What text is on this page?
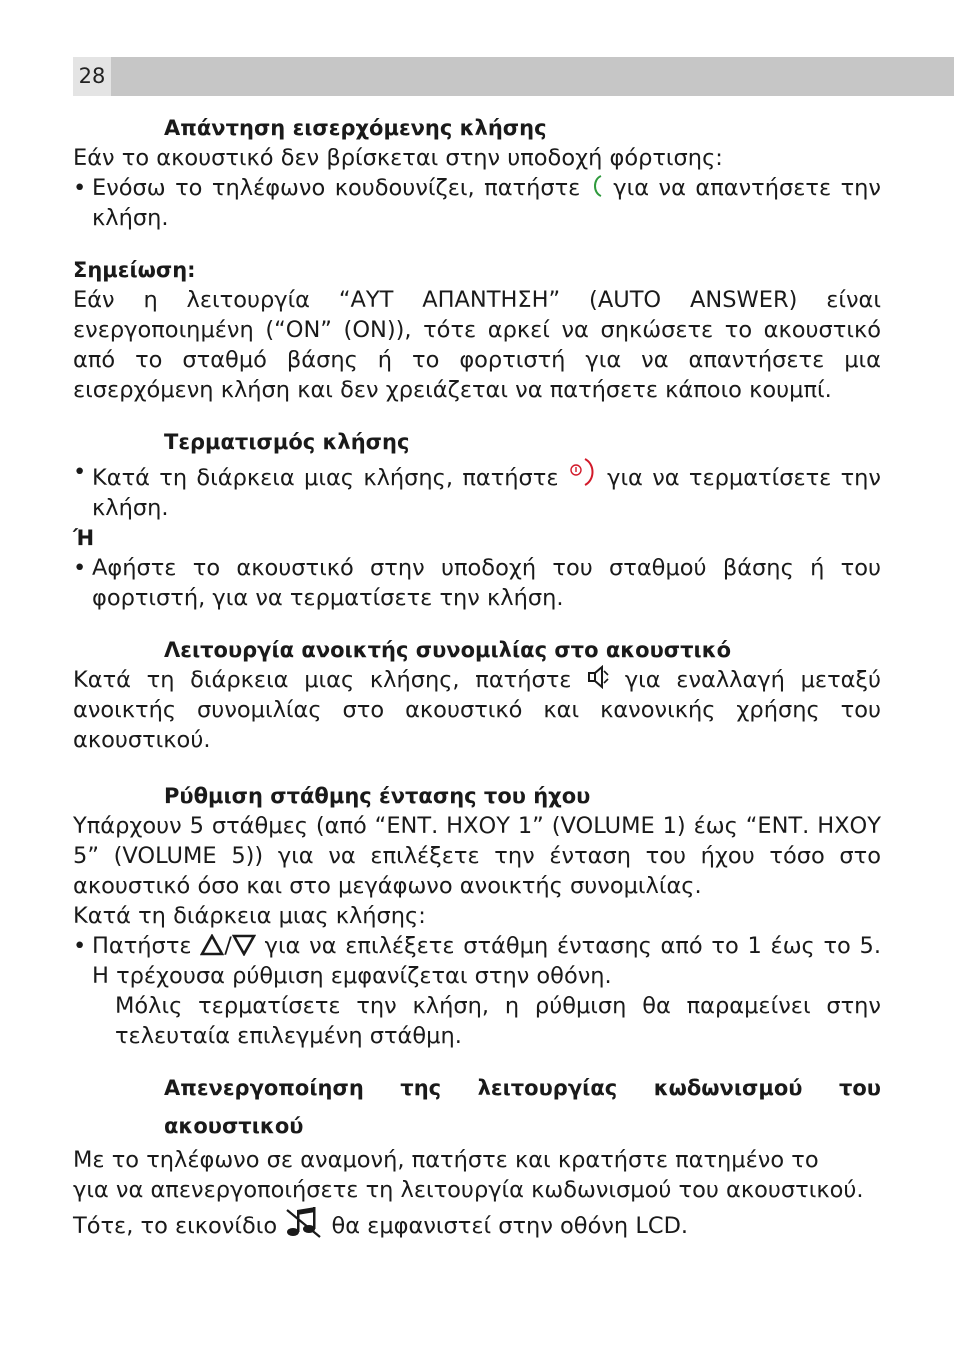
28
Απάντηση εισερχόμενης κλήσης
Εάν το ακουστικό δεν βρίσκεται στην υποδοχή φόρτισης:
• Ενόσω το τηλέφωνο κουδουνίζει, πατήστε για να απαντήσετε την κλήση.
Σημείωση:
Εάν η λειτουργία “ΑΥΤ ΑΠΑΝΤΗΣΗ” (AUTO ANSWER) είναι
ενεργοποιημένη (“ON” (ON)), τότε αρκεί να σηκώσετε το ακουστικό από το σταθμό βάσης ή το φορτιστή για να απαντήσετε μια εισερχόμενη κλήση και δεν χρειάζεται να πατήσετε κάποιο κουμπί.
Τερματισμός κλήσης
• Κατά τη διάρκεια μιας κλήσης, πατήστε για να τερματίσετε την κλήση.
Ή
• Αφήστε το ακουστικό στην υποδοχή του σταθμού βάσης ή του φορτιστή, για να τερματίσετε την κλήση.
Λειτουργία ανοικτής συνομιλίας στο ακουστικό
Κατά τη διάρκεια μιας κλήσης, πατήστε για εναλλαγή μεταξύ ανοικτής συνομιλίας στο ακουστικό και κανονικής χρήσης του ακουστικού.
Ρύθμιση στάθμης έντασης του ήχου
Υπάρχουν 5 στάθμες (από “ΕΝΤ. ΗΧΟΥ 1” (VOLUME 1) έως “ΕΝΤ. ΗΧΟΥ 5” (VOLUME 5)) για να επιλέξετε την ένταση του ήχου τόσο στο ακουστικό όσο και στο μεγάφωνο ανοικτής συνομιλίας.
Κατά τη διάρκεια μιας κλήσης:
• Πατήστε / για να επιλέξετε στάθμη έντασης από το 1 έως το 5. Η τρέχουσα ρύθμιση εμφανίζεται στην οθόνη.
Μόλις τερματίσετε την κλήση, η ρύθμιση θα παραμείνει στην τελευταία επιλεγμένη στάθμη.
Απενεργοποίηση της λειτουργίας κωδωνισμού του
ακουστικού
Με το τηλέφωνο σε αναμονή, πατήστε και κρατήστε πατημένο το
για να απενεργοποιήσετε τη λειτουργία κωδωνισμού του ακουστικού.
Τότε, το εικονίδιο θα εμφανιστεί στην οθόνη LCD.
